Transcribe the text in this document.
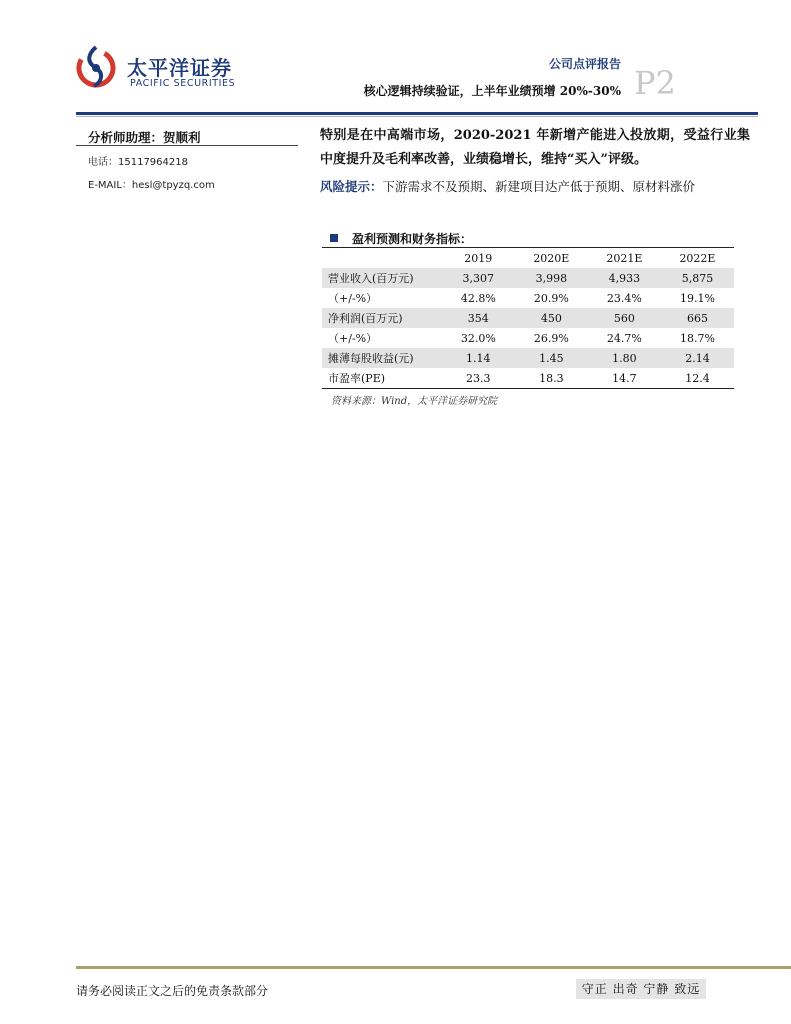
太平洋证券
PACIFIC SECURITIES
公司点评报告
核心逻辑持续验证，上半年业绩预增 20%-30% P2
分析师助理：贺顺利
电话：15117964218
E-MAIL：hesl@tpyzq.com
特别是在中高端市场，2020-2021 年新增产能进入投放期，受益行业集中度提升及毛利率改善，业绩稳增长，维持“买入”评级。
风险提示：下游需求不及预期、新建项目达产低于预期、原材料涨价
盈利预测和财务指标：
	2019	2020E	2021E	2022E
营业收入(百万元)	3,307	3,998	4,933	5,875
（+/-%）	42.8%	20.9%	23.4%	19.1%
净利润(百万元)	354	450	560	665
（+/-%）	32.0%	26.9%	24.7%	18.7%
摊薄每股收益(元)	1.14	1.45	1.80	2.14
市盈率(PE)	23.3	18.3	14.7	12.4
资料来源：Wind，太平洋证券研究院
请务必阅读正文之后的免责条款部分	守正 出奇 宁静 致远
